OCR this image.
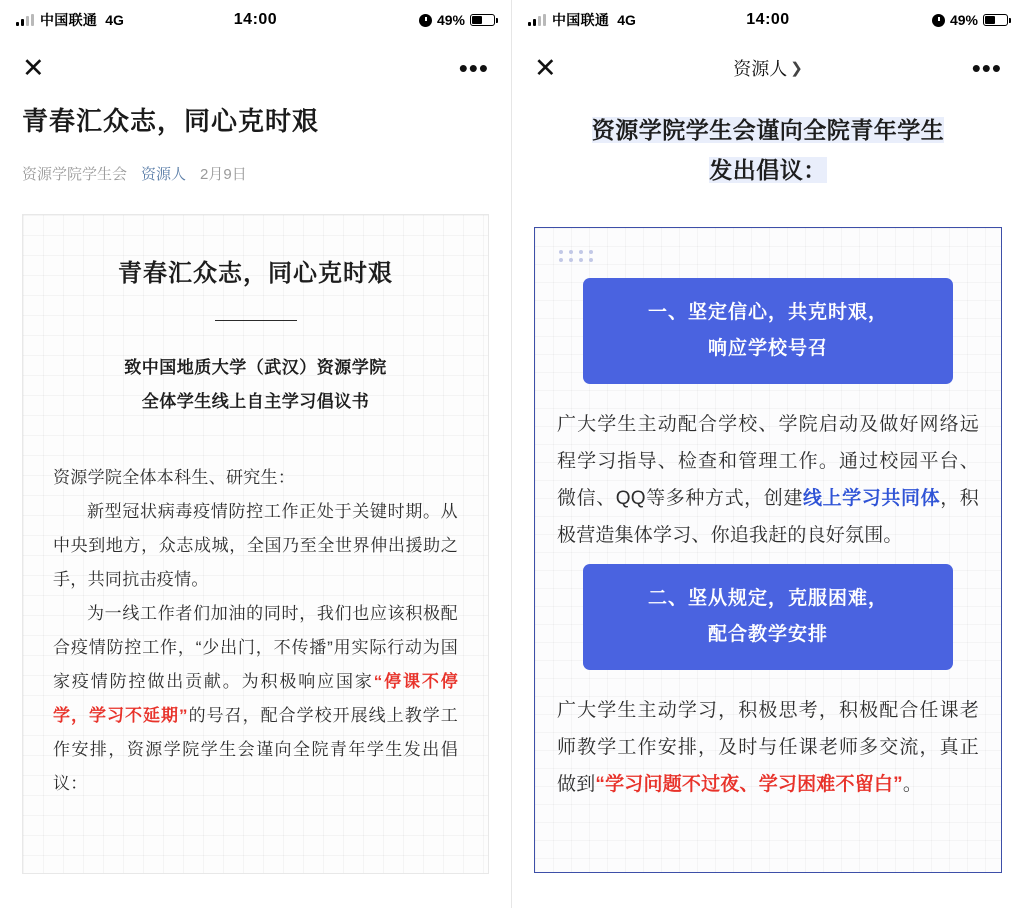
中国联通 4G	14:00	49%
✕	•••
青春汇众志，同心克时艰
资源学院学生会 资源人 2月9日
青春汇众志，同心克时艰
致中国地质大学（武汉）资源学院
全体学生线上自主学习倡议书

资源学院全体本科生、研究生：

新型冠状病毒疫情防控工作正处于关键时期。从中央到地方，众志成城，全国乃至全世界伸出援助之手，共同抗击疫情。

为一线工作者们加油的同时，我们也应该积极配合疫情防控工作，“少出门，不传播”用实际行动为国家疫情防控做出贡献。为积极响应国家“停课不停学，学习不延期”的号召，配合学校开展线上教学工作安排，资源学院学生会谨向全院青年学生发出倡议：

中国联通 4G	14:00	49%
✕	资源人 ❯	•••
资源学院学生会谨向全院青年学生
发出倡议：
一、坚定信心，共克时艰，
响应学校号召

广大学生主动配合学校、学院启动及做好网络远程学习指导、检查和管理工作。通过校园平台、微信、QQ等多种方式，创建线上学习共同体，积极营造集体学习、你追我赶的良好氛围。

二、坚从规定，克服困难，
配合教学安排

广大学生主动学习，积极思考，积极配合任课老师教学工作安排，及时与任课老师多交流，真正做到“学习问题不过夜、学习困难不留白”。
